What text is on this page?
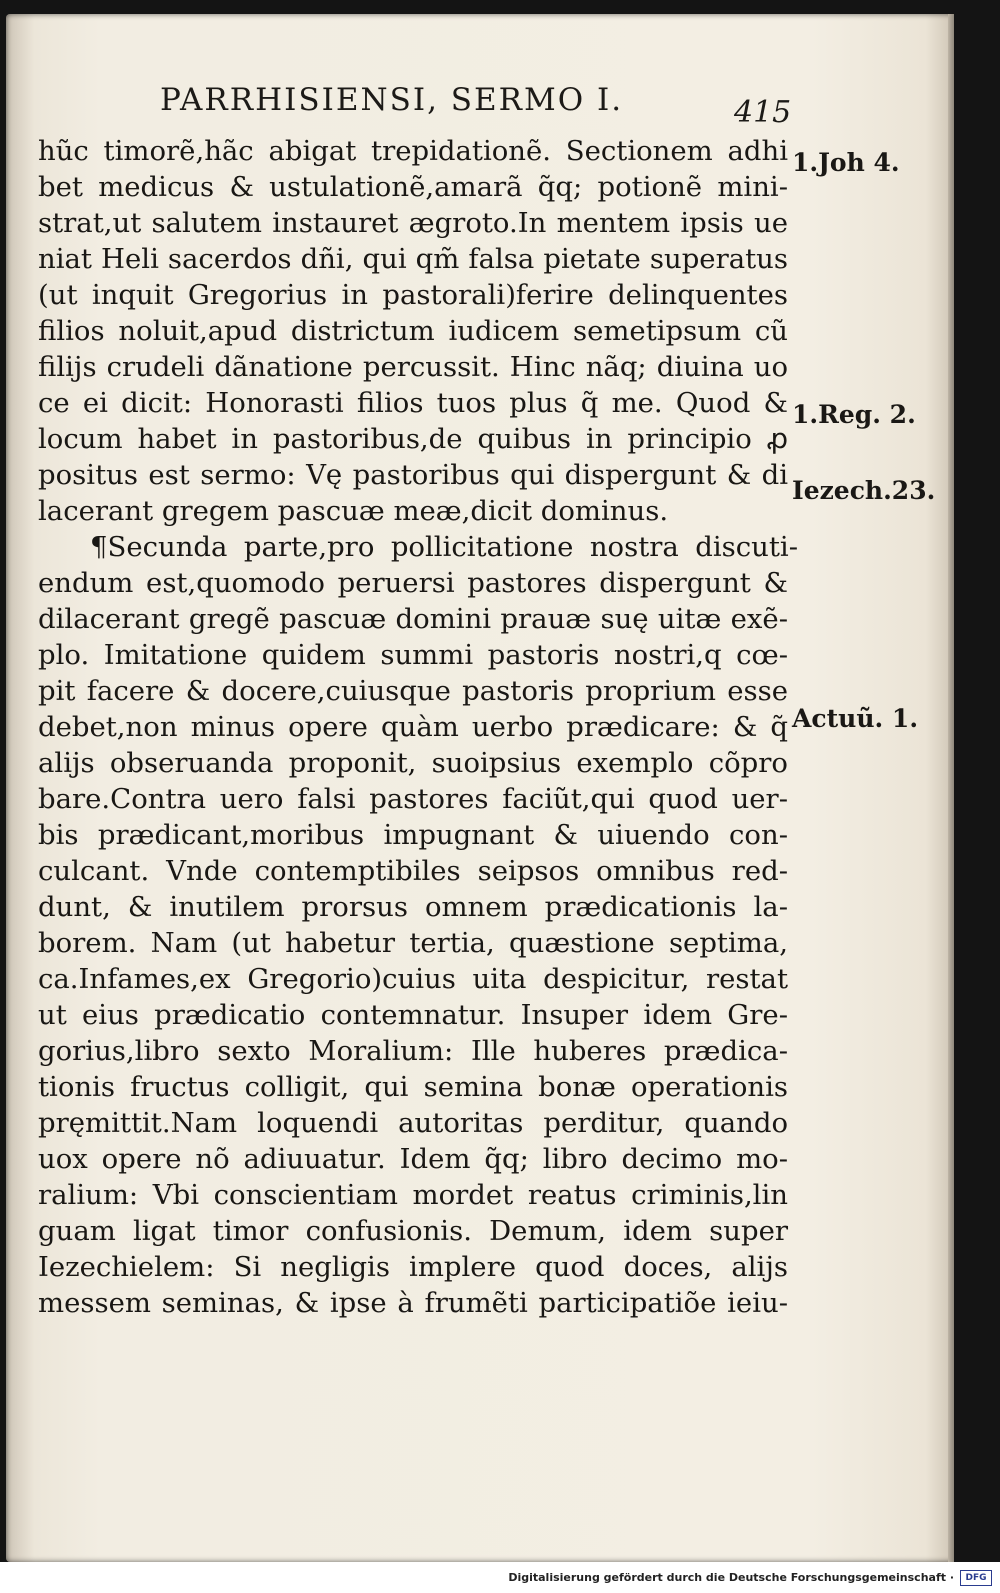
PARRHISIENSI, SERMO I.	415
hũc timorẽ,hãc abigat trepidationẽ. Sectionem adhi
bet medicus & ustulationẽ,amarã q̃q; potionẽ mini-
strat,ut salutem instauret ægroto.In mentem ipsis ue
niat Heli sacerdos dñi, qui qm̃ falsa pietate superatus
(ut inquit Gregorius in pastorali)ferire delinquentes
filios noluit,apud districtum iudicem semetipsum cũ
filijs crudeli dãnatione percussit. Hinc nãq; diuina uo
ce ei dicit: Honorasti filios tuos plus q̃ me. Quod &
locum habet in pastoribus,de quibus in principio ꝓ
positus est sermo: Vę pastoribus qui dispergunt & di
lacerant gregem pascuæ meæ,dicit dominus.
¶Secunda parte,pro pollicitatione nostra discuti-
endum est,quomodo peruersi pastores dispergunt &
dilacerant gregẽ pascuæ domini prauæ suę uitæ exẽ-
plo. Imitatione quidem summi pastoris nostri,q cœ-
pit facere & docere,cuiusque pastoris proprium esse
debet,non minus opere quàm uerbo prædicare: & q̃
alijs obseruanda proponit, suoipsius exemplo cõpro
bare.Contra uero falsi pastores faciũt,qui quod uer-
bis prædicant,moribus impugnant & uiuendo con-
culcant. Vnde contemptibiles seipsos omnibus red-
dunt, & inutilem prorsus omnem prædicationis la-
borem. Nam (ut habetur tertia, quæstione septima,
ca.Infames,ex Gregorio)cuius uita despicitur, restat
ut eius prædicatio contemnatur. Insuper idem Gre-
gorius,libro sexto Moralium: Ille huberes prædica-
tionis fructus colligit, qui semina bonæ operationis
pręmittit.Nam loquendi autoritas perditur, quando
uox opere nõ adiuuatur. Idem q̃q; libro decimo mo-
ralium: Vbi conscientiam mordet reatus criminis,lin
guam ligat timor confusionis. Demum, idem super
Iezechielem: Si negligis implere quod doces, alijs
messem seminas, & ipse à frumẽti participatiõe ieiu-
1.Joh 4.
1.Reg. 2.
Iezech.23.
Actuũ. 1.
Digitalisierung gefördert durch die Deutsche Forschungsgemeinschaft ·	DFG
